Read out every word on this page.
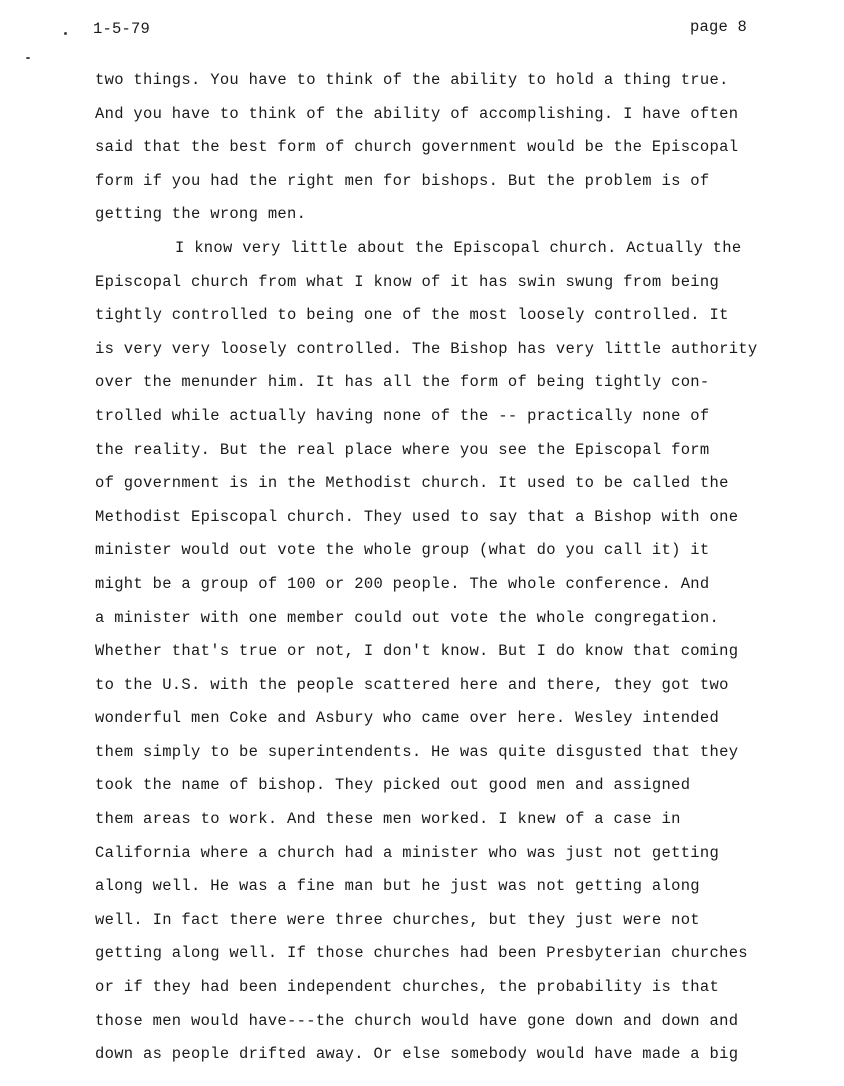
1-5-79	page 8
two things. You have to think of the ability to hold a thing true.
And you have to think of the ability of accomplishing. I have often
said that the best form of church government would be the Episcopal
form if you had the right men for bishops. But the problem is of
getting the wrong men.
I know very little about the Episcopal church. Actually the
Episcopal church from what I know of it has swin swung from being
tightly controlled to being one of the most loosely controlled. It
is very very loosely controlled. The Bishop has very little authority
over the menunder him. It has all the form of being tightly con-
trolled while actually having none of the -- practically none of
the reality. But the real place where you see the Episcopal form
of government is in the Methodist church. It used to be called the
Methodist Episcopal church. They used to say that a Bishop with one
minister would out vote the whole group (what do you call it) it
might be a group of 100 or 200 people. The whole conference. And
a minister with one member could out vote the whole congregation.
Whether that's true or not, I don't know. But I do know that coming
to the U.S. with the people scattered here and there, they got two
wonderful men Coke and Asbury who came over here. Wesley intended
them simply to be superintendents. He was quite disgusted that they
took the name of bishop. They picked out good men and assigned
them areas to work. And these men worked. I knew of a case in
California where a church had a minister who was just not getting
along well. He was a fine man but he just was not getting along
well. In fact there were three churches, but they just were not
getting along well. If those churches had been Presbyterian churches
or if they had been independent churches, the probability is that
those men would have---the church would have gone down and down and
down as people drifted away. Or else somebody would have made a big
